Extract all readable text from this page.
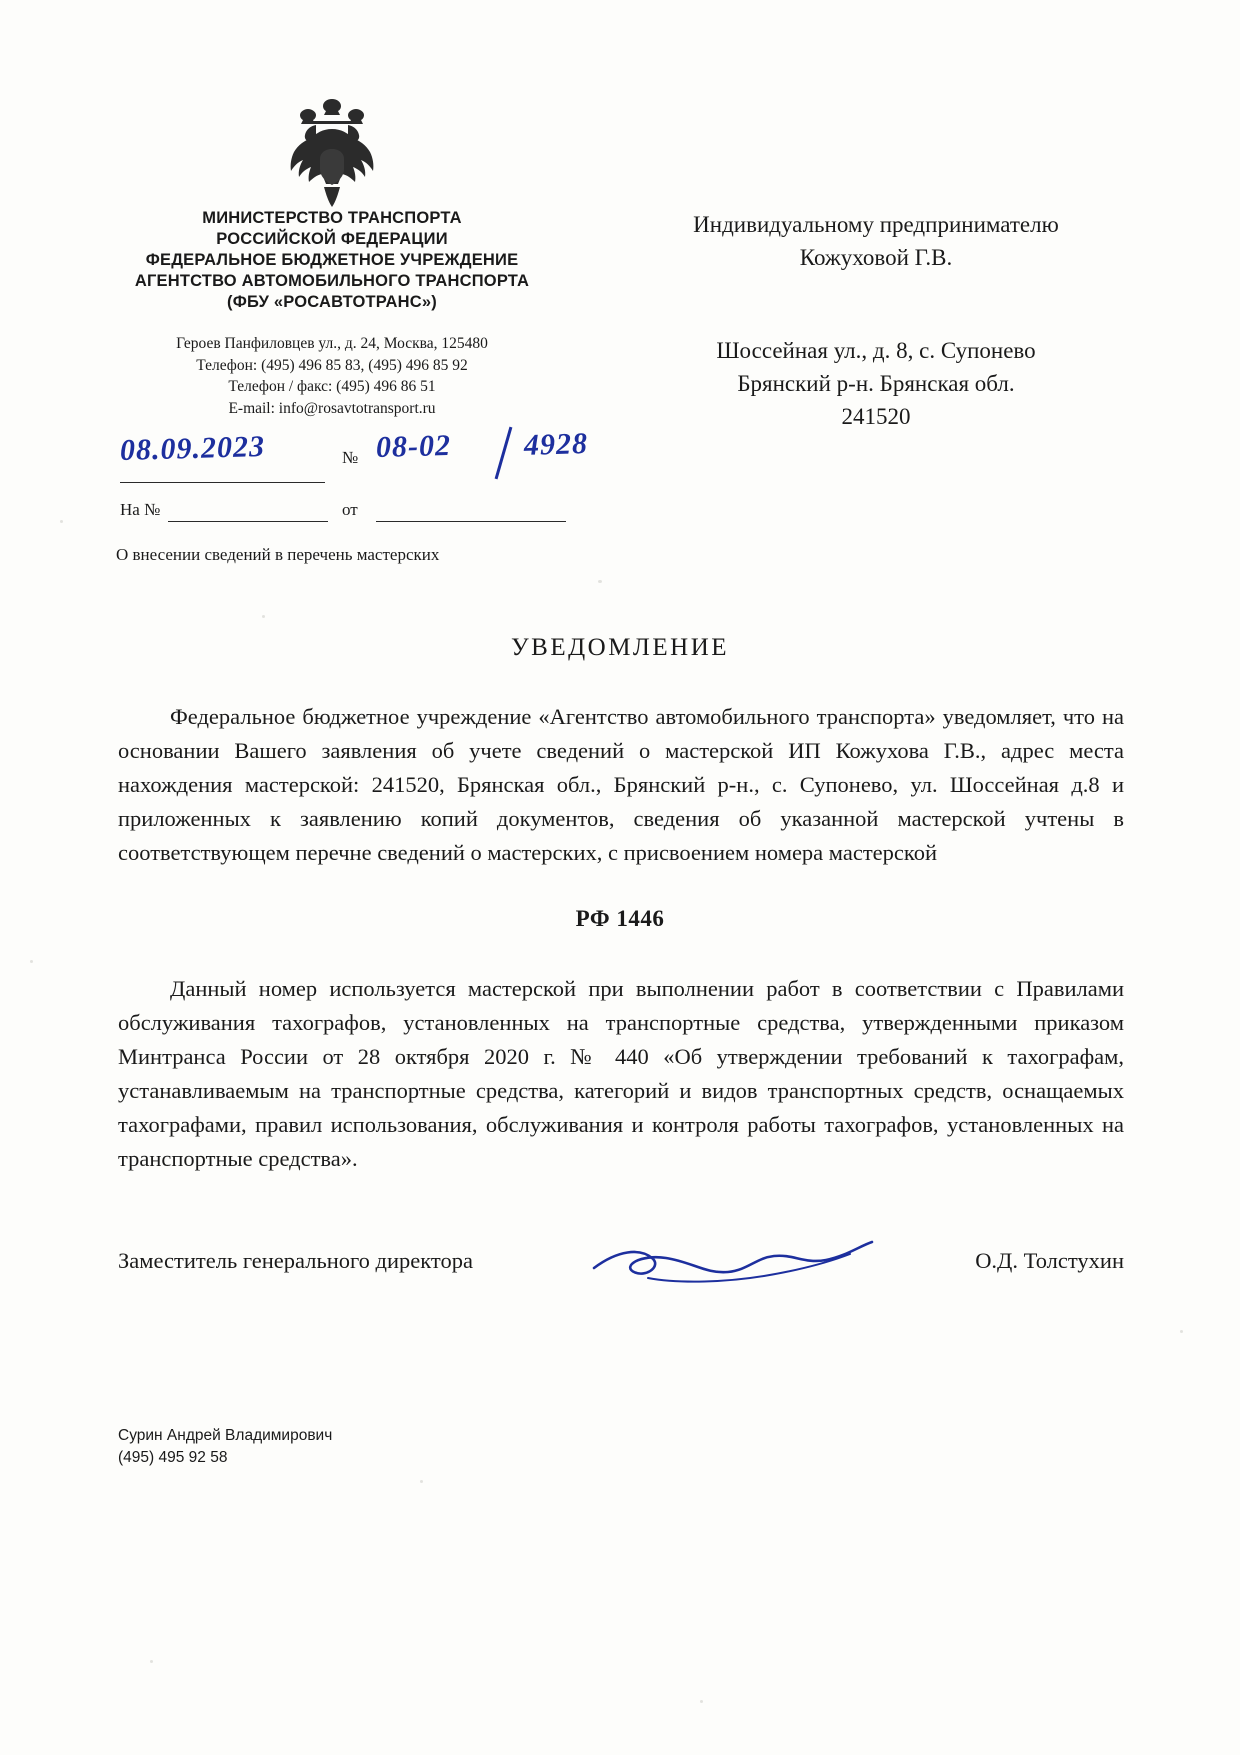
МИНИСТЕРСТВО ТРАНСПОРТА
РОССИЙСКОЙ ФЕДЕРАЦИИ
ФЕДЕРАЛЬНОЕ БЮДЖЕТНОЕ УЧРЕЖДЕНИЕ
АГЕНТСТВО АВТОМОБИЛЬНОГО ТРАНСПОРТА
(ФБУ «РОСАВТОТРАНС»)
Героев Панфиловцев ул., д. 24, Москва, 125480
Телефон: (495) 496 85 83, (495) 496 85 92
Телефон / факс: (495) 496 86 51
E-mail: info@rosavtotransport.ru
Индивидуальному предпринимателю
Кожуховой Г.В.
Шоссейная ул., д. 8, с. Супонево
Брянский р-н. Брянская обл.
241520
08.09.2023	№ 08-02 4928
На №	от
О внесении сведений в перечень мастерских
УВЕДОМЛЕНИЕ
Федеральное бюджетное учреждение «Агентство автомобильного транспорта» уведомляет, что на основании Вашего заявления об учете сведений о мастерской ИП Кожухова Г.В., адрес места нахождения мастерской: 241520, Брянская обл., Брянский р-н., с. Супонево, ул. Шоссейная д.8 и приложенных к заявлению копий документов, сведения об указанной мастерской учтены в соответствующем перечне сведений о мастерских, с присвоением номера мастерской
РФ 1446
Данный номер используется мастерской при выполнении работ в соответствии с Правилами обслуживания тахографов, установленных на транспортные средства, утвержденными приказом Минтранса России от 28 октября 2020 г. № 440 «Об утверждении требований к тахографам, устанавливаемым на транспортные средства, категорий и видов транспортных средств, оснащаемых тахографами, правил использования, обслуживания и контроля работы тахографов, установленных на транспортные средства».
Заместитель генерального директора	О.Д. Толстухин
Сурин Андрей Владимирович
(495) 495 92 58
